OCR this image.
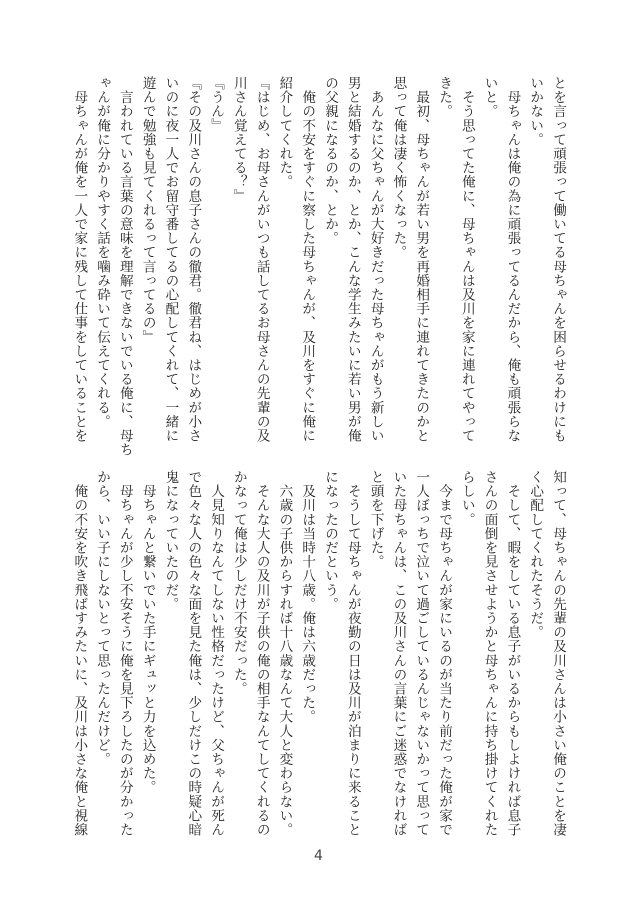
とを言って頑張って働いてる母ちゃんを困らせるわけにも
いかない。
　母ちゃんは俺の為に頑張ってるんだから、俺も頑張らな
いと。
　そう思ってた俺に、母ちゃんは及川を家に連れてやって
きた。
　最初、母ちゃんが若い男を再婚相手に連れてきたのかと
思って俺は凄く怖くなった。
　あんなに父ちゃんが大好きだった母ちゃんがもう新しい
男と結婚するのか、とか、こんな学生みたいに若い男が俺
の父親になるのか、とか。
　俺の不安をすぐに察した母ちゃんが、及川をすぐに俺に
紹介してくれた。
『はじめ、お母さんがいつも話してるお母さんの先輩の及
川さん覚えてる？』
『うん』
『その及川さんの息子さんの徹君。徹君ね、はじめが小さ
いのに夜一人でお留守番してるの心配してくれて、一緒に
遊んで勉強も見てくれるって言ってるの』
　言われている言葉の意味を理解できないでいる俺に、母ち
ゃんが俺に分かりやすく話を噛み砕いて伝えてくれる。
　母ちゃんが俺を一人で家に残して仕事をしていることを
知って、母ちゃんの先輩の及川さんは小さい俺のことを凄
く心配してくれたそうだ。
　そして、暇をしている息子がいるからもしよければ息子
さんの面倒を見させようかと母ちゃんに持ち掛けてくれた
らしい。
　今まで母ちゃんが家にいるのが当たり前だった俺が家で
一人ぼっちで泣いて過ごしているんじゃないかって思って
いた母ちゃんは、この及川さんの言葉にご迷惑でなければ
と頭を下げた。
　そうして母ちゃんが夜勤の日は及川が泊まりに来ること
になったのだという。
　及川は当時十八歳。俺は六歳だった。
　六歳の子供からすれば十八歳なんて大人と変わらない。
　そんな大人の及川が子供の俺の相手なんてしてくれるの
かなって俺は少しだけ不安だった。
　人見知りなんてしない性格だったけど、父ちゃんが死ん
で色々な人の色々な面を見た俺は、少しだけこの時疑心暗
鬼になっていたのだ。
　母ちゃんと繋いでいた手にギュッと力を込めた。
　母ちゃんが少し不安そうに俺を見下ろしたのが分かった
から、いい子にしないとって思ったんだけど。
　俺の不安を吹き飛ばすみたいに、及川は小さな俺と視線
4
